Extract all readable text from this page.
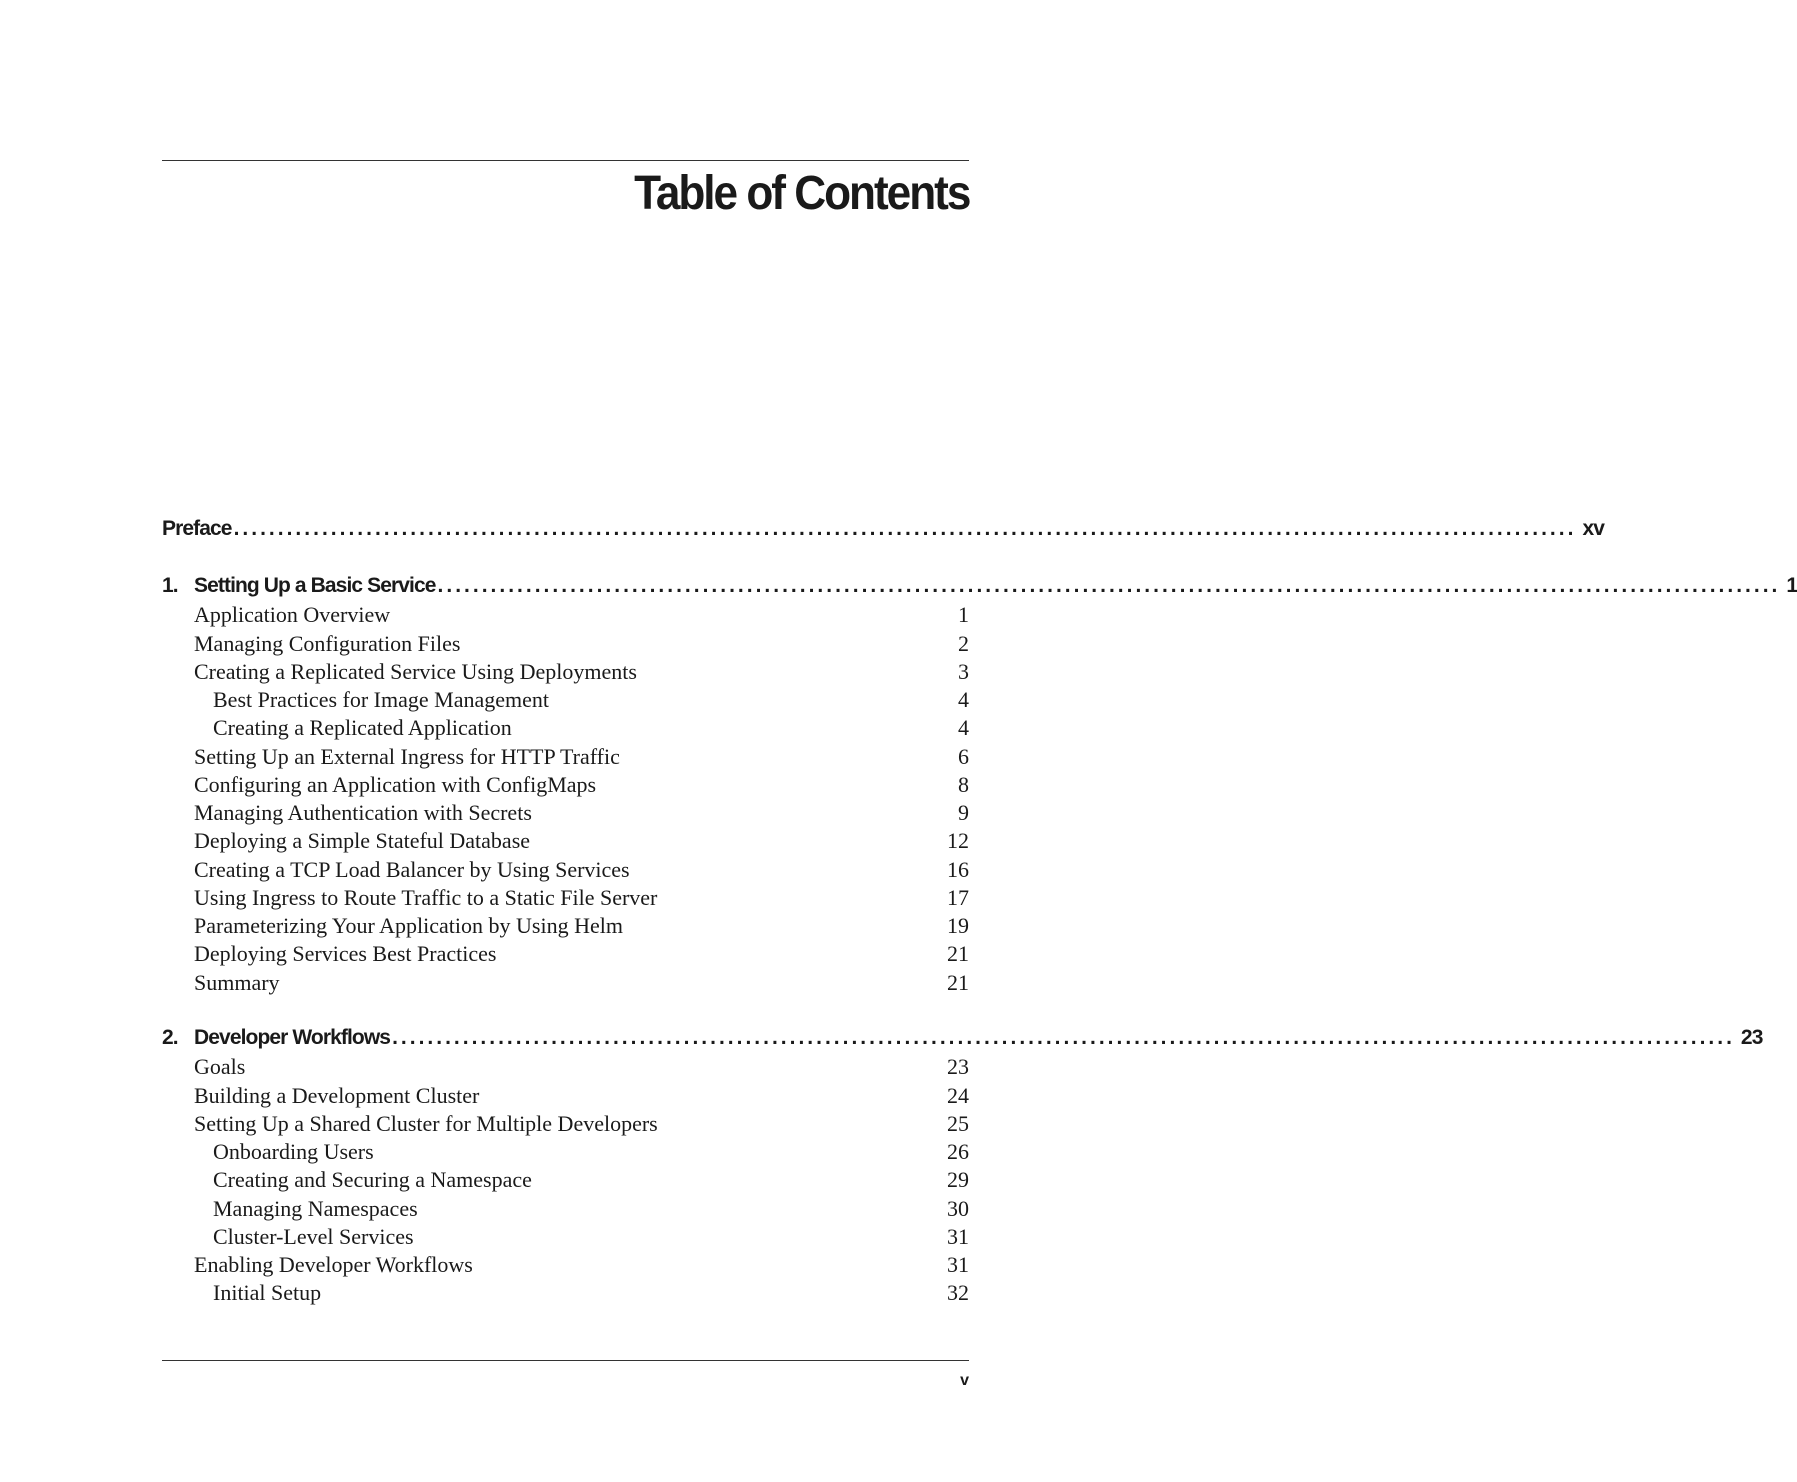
Table of Contents
Preface ........................................................................................................................................................ xv
1. Setting Up a Basic Service ........................................................................................................................................................ 1
Application Overview	1
Managing Configuration Files	2
Creating a Replicated Service Using Deployments	3
Best Practices for Image Management	4
Creating a Replicated Application	4
Setting Up an External Ingress for HTTP Traffic	6
Configuring an Application with ConfigMaps	8
Managing Authentication with Secrets	9
Deploying a Simple Stateful Database	12
Creating a TCP Load Balancer by Using Services	16
Using Ingress to Route Traffic to a Static File Server	17
Parameterizing Your Application by Using Helm	19
Deploying Services Best Practices	21
Summary	21
2. Developer Workflows ........................................................................................................................................................ 23
Goals	23
Building a Development Cluster	24
Setting Up a Shared Cluster for Multiple Developers	25
Onboarding Users	26
Creating and Securing a Namespace	29
Managing Namespaces	30
Cluster-Level Services	31
Enabling Developer Workflows	31
Initial Setup	32
v
